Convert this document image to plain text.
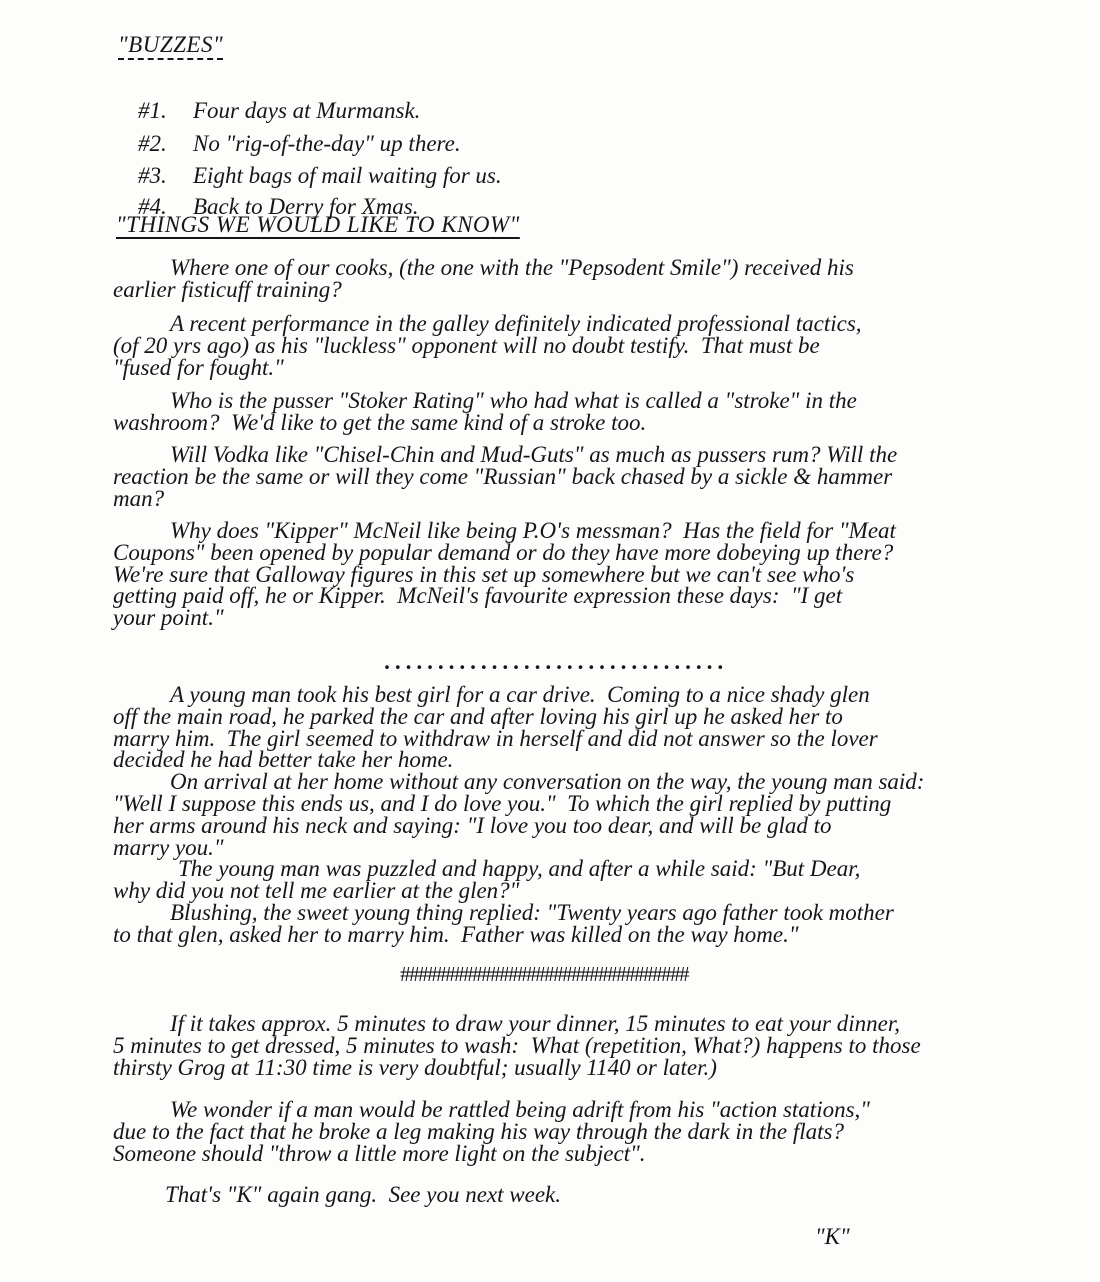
"BUZZES"

#1. Four days at Murmansk.

#2. No "rig-of-the-day" up there.

#3. Eight bags of mail waiting for us.

#4. Back to Derry for Xmas.

"THINGS WE WOULD LIKE TO KNOW"
Where one of our cooks, (the one with the "Pepsodent Smile") received his
earlier fisticuff training?
A recent performance in the galley definitely indicated professional tactics,
(of 20 yrs ago) as his "luckless" opponent will no doubt testify.  That must be
"fused for fought."
Who is the pusser "Stoker Rating" who had what is called a "stroke" in the
washroom?  We'd like to get the same kind of a stroke too.
Will Vodka like "Chisel-Chin and Mud-Guts" as much as pussers rum? Will the
reaction be the same or will they come "Russian" back chased by a sickle & hammer
man?
Why does "Kipper" McNeil like being P.O's messman?  Has the field for "Meat
Coupons" been opened by popular demand or do they have more dobeying up there?
We're sure that Galloway figures in this set up somewhere but we can't see who's
getting paid off, he or Kipper.  McNeil's favourite expression these days:  "I get
your point."
................................
A young man took his best girl for a car drive.  Coming to a nice shady glen
off the main road, he parked the car and after loving his girl up he asked her to
marry him.  The girl seemed to withdraw in herself and did not answer so the lover
decided he had better take her home.
On arrival at her home without any conversation on the way, the young man said:
"Well I suppose this ends us, and I do love you."  To which the girl replied by putting
her arms around his neck and saying: "I love you too dear, and will be glad to
marry you."
The young man was puzzled and happy, and after a while said: "But Dear,
why did you not tell me earlier at the glen?"
Blushing, the sweet young thing replied: "Twenty years ago father took mother
to that glen, asked her to marry him.  Father was killed on the way home."
################################
If it takes approx. 5 minutes to draw your dinner, 15 minutes to eat your dinner,
5 minutes to get dressed, 5 minutes to wash:  What (repetition, What?) happens to those
thirsty Grog at 11:30 time is very doubtful; usually 1140 or later.)
We wonder if a man would be rattled being adrift from his "action stations,"
due to the fact that he broke a leg making his way through the dark in the flats?
Someone should "throw a little more light on the subject".
That's "K" again gang.  See you next week.
"K"
